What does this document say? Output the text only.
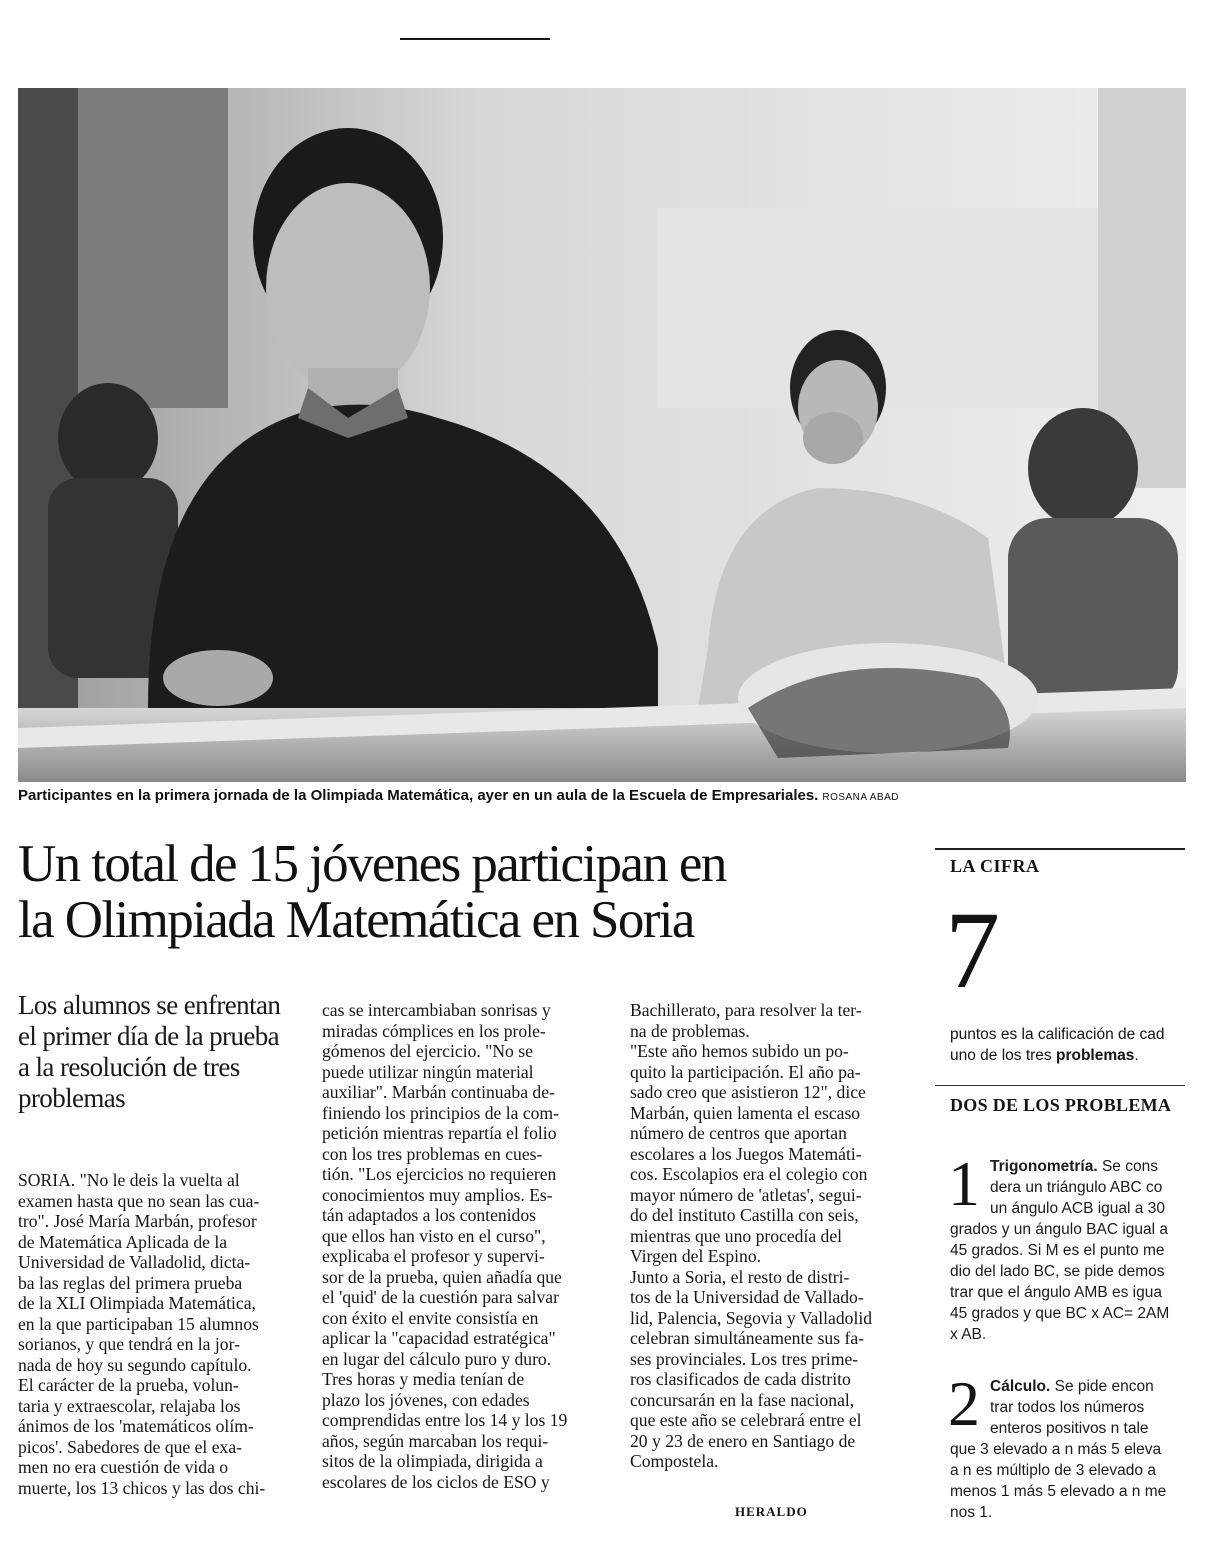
Participantes en la primera jornada de la Olimpiada Matemática, ayer en un aula de la Escuela de Empresariales. ROSANA ABAD
Un total de 15 jóvenes participan en
la Olimpiada Matemática en Soria
Los alumnos se enfrentan
el primer día de la prueba
a la resolución de tres
problemas
SORIA. "No le deis la vuelta al
examen hasta que no sean las cua-
tro". José María Marbán, profesor
de Matemática Aplicada de la
Universidad de Valladolid, dicta-
ba las reglas del primera prueba
de la XLI Olimpiada Matemática,
en la que participaban 15 alumnos
sorianos, y que tendrá en la jor-
nada de hoy su segundo capítulo.
El carácter de la prueba, volun-
taria y extraescolar, relajaba los
ánimos de los 'matemáticos olím-
picos'. Sabedores de que el exa-
men no era cuestión de vida o
muerte, los 13 chicos y las dos chi-
cas se intercambiaban sonrisas y
miradas cómplices en los prole-
gómenos del ejercicio. "No se
puede utilizar ningún material
auxiliar". Marbán continuaba de-
finiendo los principios de la com-
petición mientras repartía el folio
con los tres problemas en cues-
tión. "Los ejercicios no requieren
conocimientos muy amplios. Es-
tán adaptados a los contenidos
que ellos han visto en el curso",
explicaba el profesor y supervi-
sor de la prueba, quien añadía que
el 'quid' de la cuestión para salvar
con éxito el envite consistía en
aplicar la "capacidad estratégica"
en lugar del cálculo puro y duro.
Tres horas y media tenían de
plazo los jóvenes, con edades
comprendidas entre los 14 y los 19
años, según marcaban los requi-
sitos de la olimpiada, dirigida a
escolares de los ciclos de ESO y
Bachillerato, para resolver la ter-
na de problemas.
"Este año hemos subido un po-
quito la participación. El año pa-
sado creo que asistieron 12", dice
Marbán, quien lamenta el escaso
número de centros que aportan
escolares a los Juegos Matemáti-
cos. Escolapios era el colegio con
mayor número de 'atletas', segui-
do del instituto Castilla con seis,
mientras que uno procedía del
Virgen del Espino.
Junto a Soria, el resto de distri-
tos de la Universidad de Vallado-
lid, Palencia, Segovia y Valladolid
celebran simultáneamente sus fa-
ses provinciales. Los tres prime-
ros clasificados de cada distrito
concursarán en la fase nacional,
que este año se celebrará entre el
20 y 23 de enero en Santiago de
Compostela.
HERALDO
LA CIFRA
7
puntos es la calificación de cad
uno de los tres problemas.
DOS DE LOS PROBLEMA
1 Trigonometría. Se cons
dera un triángulo ABC co
un ángulo ACB igual a 30
grados y un ángulo BAC igual a
45 grados. Si M es el punto me
dio del lado BC, se pide demos
trar que el ángulo AMB es igua
45 grados y que BC x AC= 2AM
x AB.
2 Cálculo. Se pide encon
trar todos los números
enteros positivos n tale
que 3 elevado a n más 5 eleva
a n es múltiplo de 3 elevado a
menos 1 más 5 elevado a n me
nos 1.
